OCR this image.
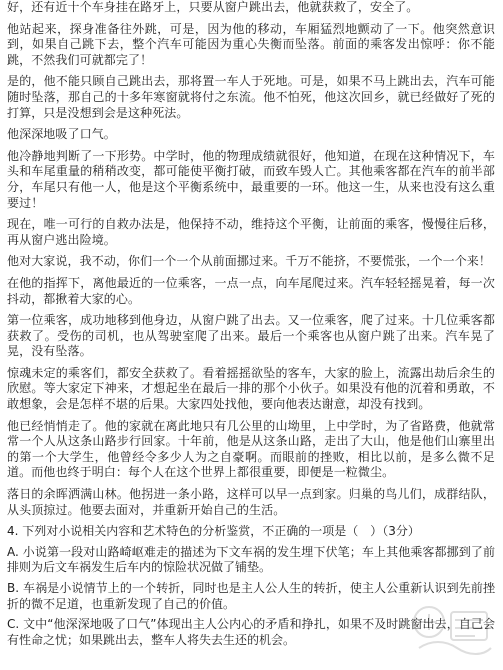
好，还有近十个车身挂在路牙上，只要从窗户跳出去，他就获救了，安全了。

他站起来，探身准备往外跳，可是，因为他的移动，车厢猛烈地颤动了一下。他突然意识到，如果自己跳下去，整个汽车可能因为重心失衡而坠落。前面的乘客发出惊呼：你不能跳，不然我们可就都完了！

是的，他不能只顾自己跳出去，那将置一车人于死地。可是，如果不马上跳出去，汽车可能随时坠落，那自己的十多年寒窗就将付之东流。他不怕死，他这次回乡，就已经做好了死的打算，只是没想到会是这种死法。

他深深地吸了口气。

他冷静地判断了一下形势。中学时，他的物理成绩就很好，他知道，在现在这种情况下，车头和车尾重量的稍稍改变，都可能使平衡打破，而致车毁人亡。其他乘客都在汽车的前半部分，车尾只有他一人，他是这个平衡系统中，最重要的一环。他这一生，从来也没有这么重要过！

现在，唯一可行的自救办法是，他保持不动，维持这个平衡，让前面的乘客，慢慢往后移，再从窗户逃出险境。

他对大家说，我不动，你们一个一个从前面挪过来。千万不能挤，不要慌张，一个一个来！

在他的指挥下，离他最近的一位乘客，一点一点，向车尾爬过来。汽车轻轻摇晃着，每一次抖动，都揪着大家的心。

第一位乘客，成功地移到他身边，从窗户跳了出去。又一位乘客，爬了过来。十几位乘客都获救了。受伤的司机，也从驾驶室爬了出来。最后一个乘客也从窗户跳了出来。汽车晃了晃，没有坠落。

惊魂未定的乘客们，都安全获救了。看着摇摇欲坠的客车，大家的脸上，流露出劫后余生的欣慰。等大家定下神来，才想起坐在最后一排的那个小伙子。如果没有他的沉着和勇敢，不敢想象，会是怎样不堪的后果。大家四处找他，要向他表达谢意，却没有找到。

他已经悄悄走了。他的家就在离此地只有几公里的山坳里，上中学时，为了省路费，他就常常一个人从这条山路步行回家。十年前，他是从这条山路，走出了大山，他是他们山寨里出的第一个大学生，他曾经令多少人为之自豪啊。而眼前的挫败，相比以前，是多么微不足道。而他也终于明白：每个人在这个世界上都很重要，即便是一粒微尘。

落日的余晖洒满山林。他拐进一条小路，这样可以早一点到家。归巢的鸟儿们，成群结队，从头顶掠过。他要去面对，并重新开始自己的生活。

4. 下列对小说相关内容和艺术特色的分析鉴赏，不正确的一项是（　）（3分）

A. 小说第一段对山路崎岖难走的描述为下文车祸的发生埋下伏笔；车上其他乘客都挪到了前排则为后文车祸发生后车内的惊险状况做了铺垫。

B. 车祸是小说情节上的一个转折，同时也是主人公人生的转折，使主人公重新认识到先前挫折的微不足道，也重新发现了自己的价值。

C. 文中“他深深地吸了口气”体现出主人公内心的矛盾和挣扎，如果不及时跳窗出去，自己会有性命之忧；如果跳出去，整车人将失去生还的机会。
